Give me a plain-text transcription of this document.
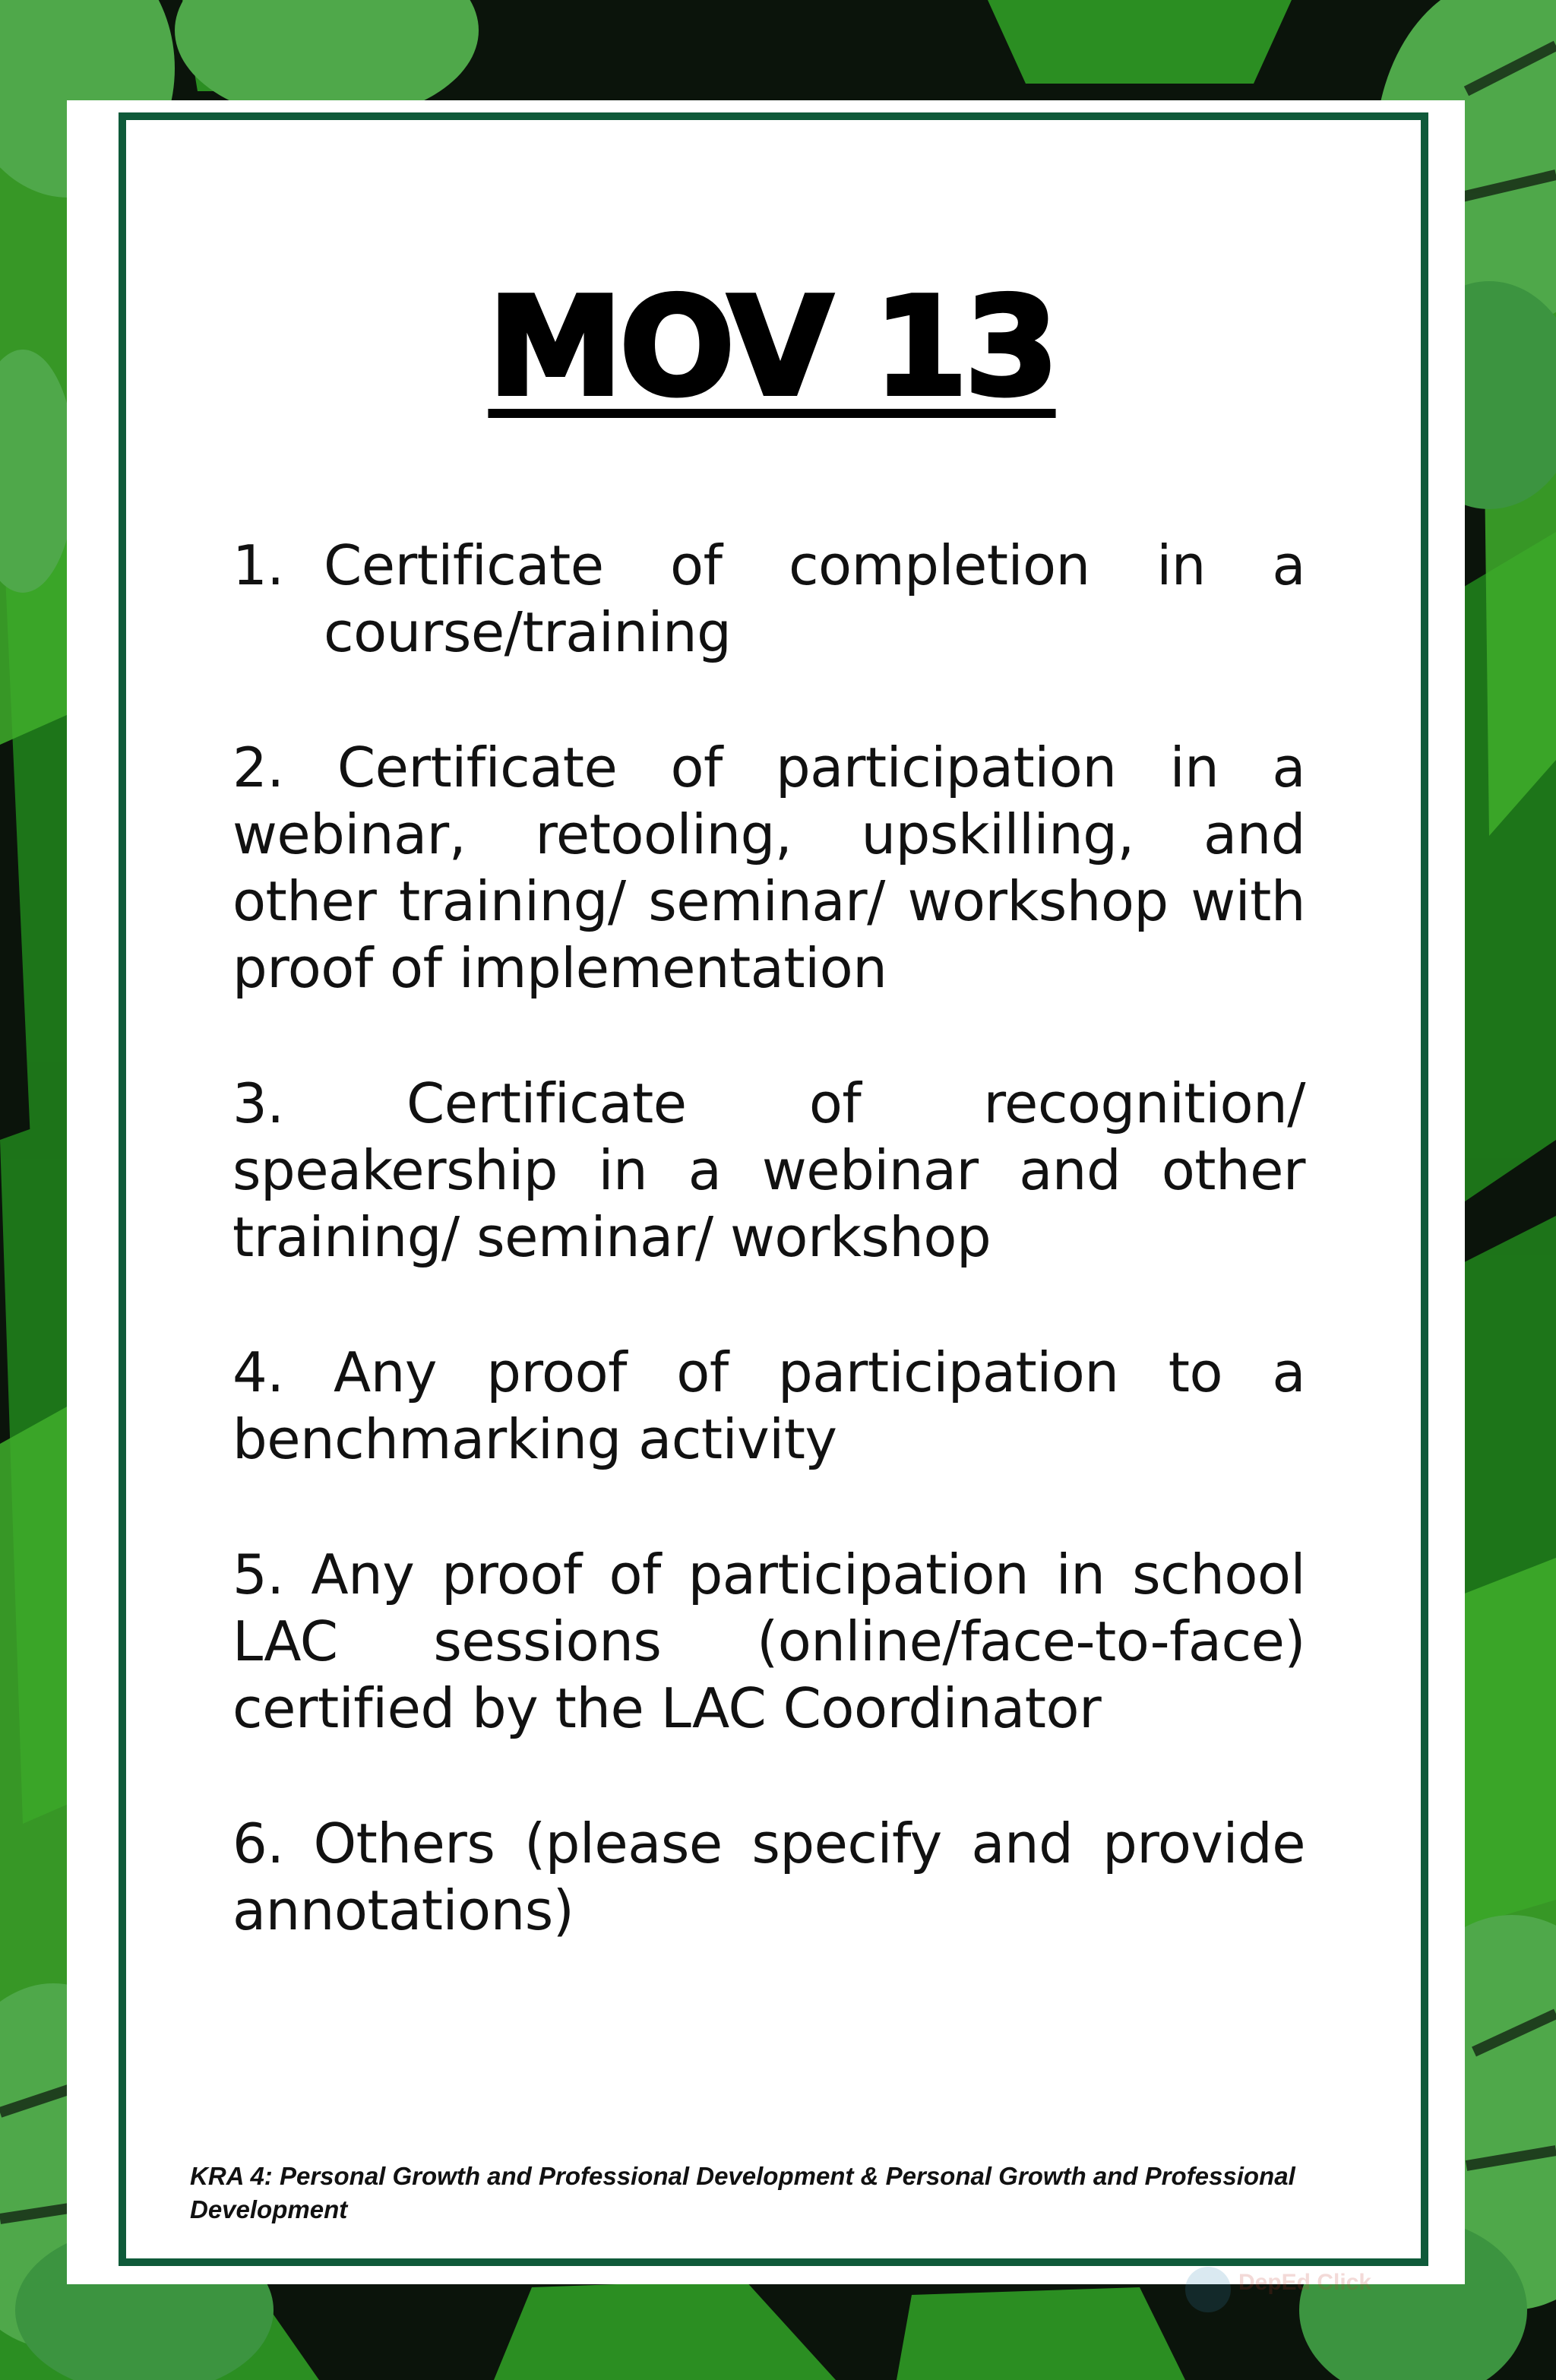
MOV 13
1. Certificate of completion in a course/training
2. Certificate of participation in a webinar, retooling, upskilling, and other training/ seminar/ workshop with proof of implementation
3. Certificate of recognition/ speakership in a webinar and other training/ seminar/ workshop
4. Any proof of participation to a benchmarking activity
5. Any proof of participation in school LAC sessions (online/face-to-face) certified by the LAC Coordinator
6. Others (please specify and provide annotations)
KRA 4: Personal Growth and Professional Development & Personal Growth and Professional Development
DepEd Click
